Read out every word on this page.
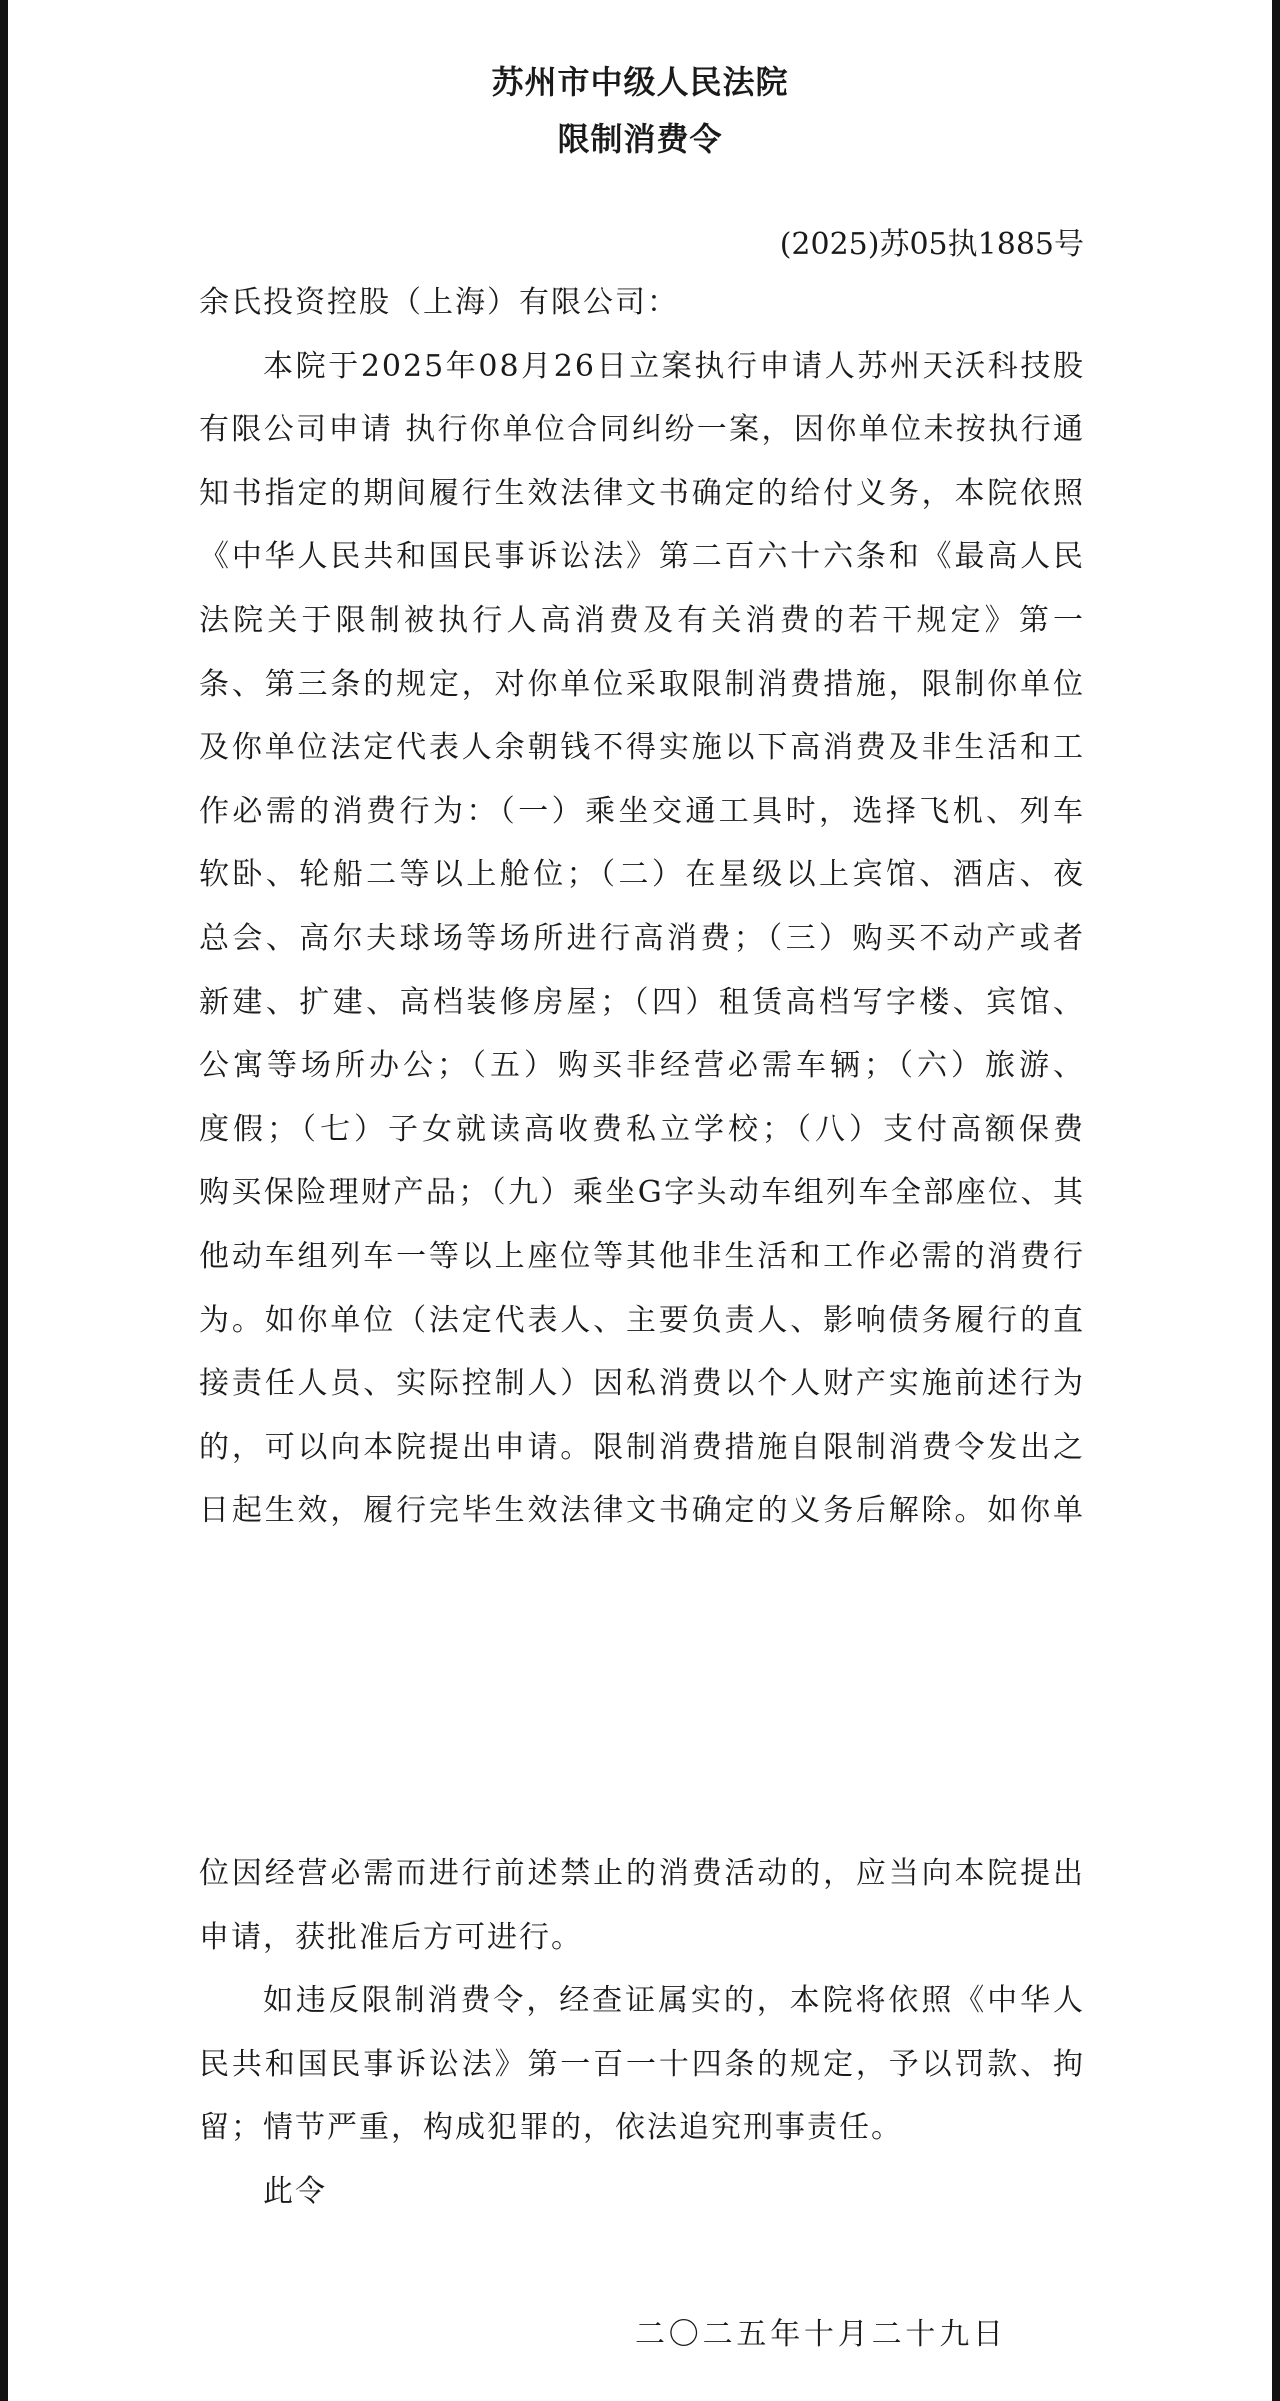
苏州市中级人民法院
限制消费令
(2025)苏05执1885号
余氏投资控股（上海）有限公司：
本院于2025年08月26日立案执行申请人苏州天沃科技股
有限公司申请 执行你单位合同纠纷一案，因你单位未按执行通
知书指定的期间履行生效法律文书确定的给付义务，本院依照
《中华人民共和国民事诉讼法》第二百六十六条和《最高人民
法院关于限制被执行人高消费及有关消费的若干规定》第一
条、第三条的规定，对你单位采取限制消费措施，限制你单位
及你单位法定代表人余朝钱不得实施以下高消费及非生活和工
作必需的消费行为：（一）乘坐交通工具时，选择飞机、列车
软卧、轮船二等以上舱位；（二）在星级以上宾馆、酒店、夜
总会、高尔夫球场等场所进行高消费；（三）购买不动产或者
新建、扩建、高档装修房屋；（四）租赁高档写字楼、宾馆、
公寓等场所办公；（五）购买非经营必需车辆；（六）旅游、
度假；（七）子女就读高收费私立学校；（八）支付高额保费
购买保险理财产品；（九）乘坐G字头动车组列车全部座位、其
他动车组列车一等以上座位等其他非生活和工作必需的消费行
为。如你单位（法定代表人、主要负责人、影响债务履行的直
接责任人员、实际控制人）因私消费以个人财产实施前述行为
的，可以向本院提出申请。限制消费措施自限制消费令发出之
日起生效，履行完毕生效法律文书确定的义务后解除。如你单
位因经营必需而进行前述禁止的消费活动的，应当向本院提出
申请，获批准后方可进行。
如违反限制消费令，经查证属实的，本院将依照《中华人
民共和国民事诉讼法》第一百一十四条的规定，予以罚款、拘
留；情节严重，构成犯罪的，依法追究刑事责任。
此令
二〇二五年十月二十九日
